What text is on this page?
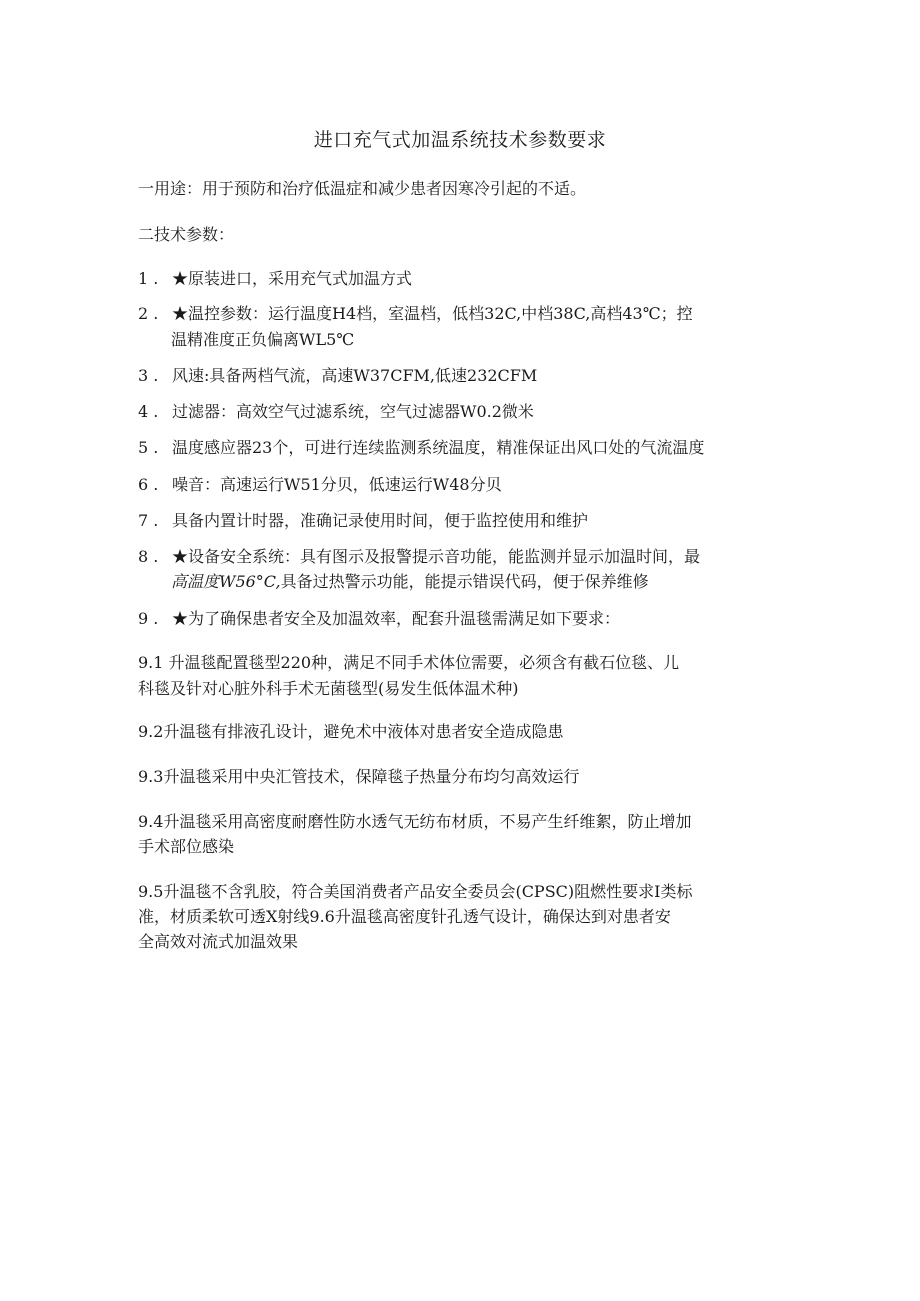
进口充气式加温系统技术参数要求

一用途：用于预防和治疗低温症和减少患者因寒冷引起的不适。

二技术参数：

1 . ★原装进口，采用充气式加温方式
2 . ★温控参数：运行温度H4档，室温档，低档32C,中档38C,高档43℃；控
温精准度正负偏离WL5℃
3 . 风速:具备两档气流，高速W37CFM,低速232CFM
4 . 过滤器：高效空气过滤系统，空气过滤器W0.2微米
5 . 温度感应器23个，可进行连续监测系统温度，精准保证出风口处的气流温度
6 . 噪音：高速运行W51分贝，低速运行W48分贝
7 . 具备内置计时器，准确记录使用时间，便于监控使用和维护
8 . ★设备安全系统：具有图示及报警提示音功能，能监测并显示加温时间，最
高温度W56°C,具备过热警示功能，能提示错误代码，便于保养维修
9 . ★为了确保患者安全及加温效率，配套升温毯需满足如下要求：

9.1 升温毯配置毯型220种，满足不同手术体位需要，必须含有截石位毯、儿

科毯及针对心脏外科手术无菌毯型(易发生低体温术种)

9.2升温毯有排液孔设计，避免术中液体对患者安全造成隐患

9.3升温毯采用中央汇管技术，保障毯子热量分布均匀高效运行

9.4升温毯采用高密度耐磨性防水透气无纺布材质，不易产生纤维絮，防止增加

手术部位感染

9.5升温毯不含乳胶，符合美国消费者产品安全委员会(CPSC)阻燃性要求I类标

准，材质柔软可透X射线9.6升温毯高密度针孔透气设计，确保达到对患者安

全高效对流式加温效果
